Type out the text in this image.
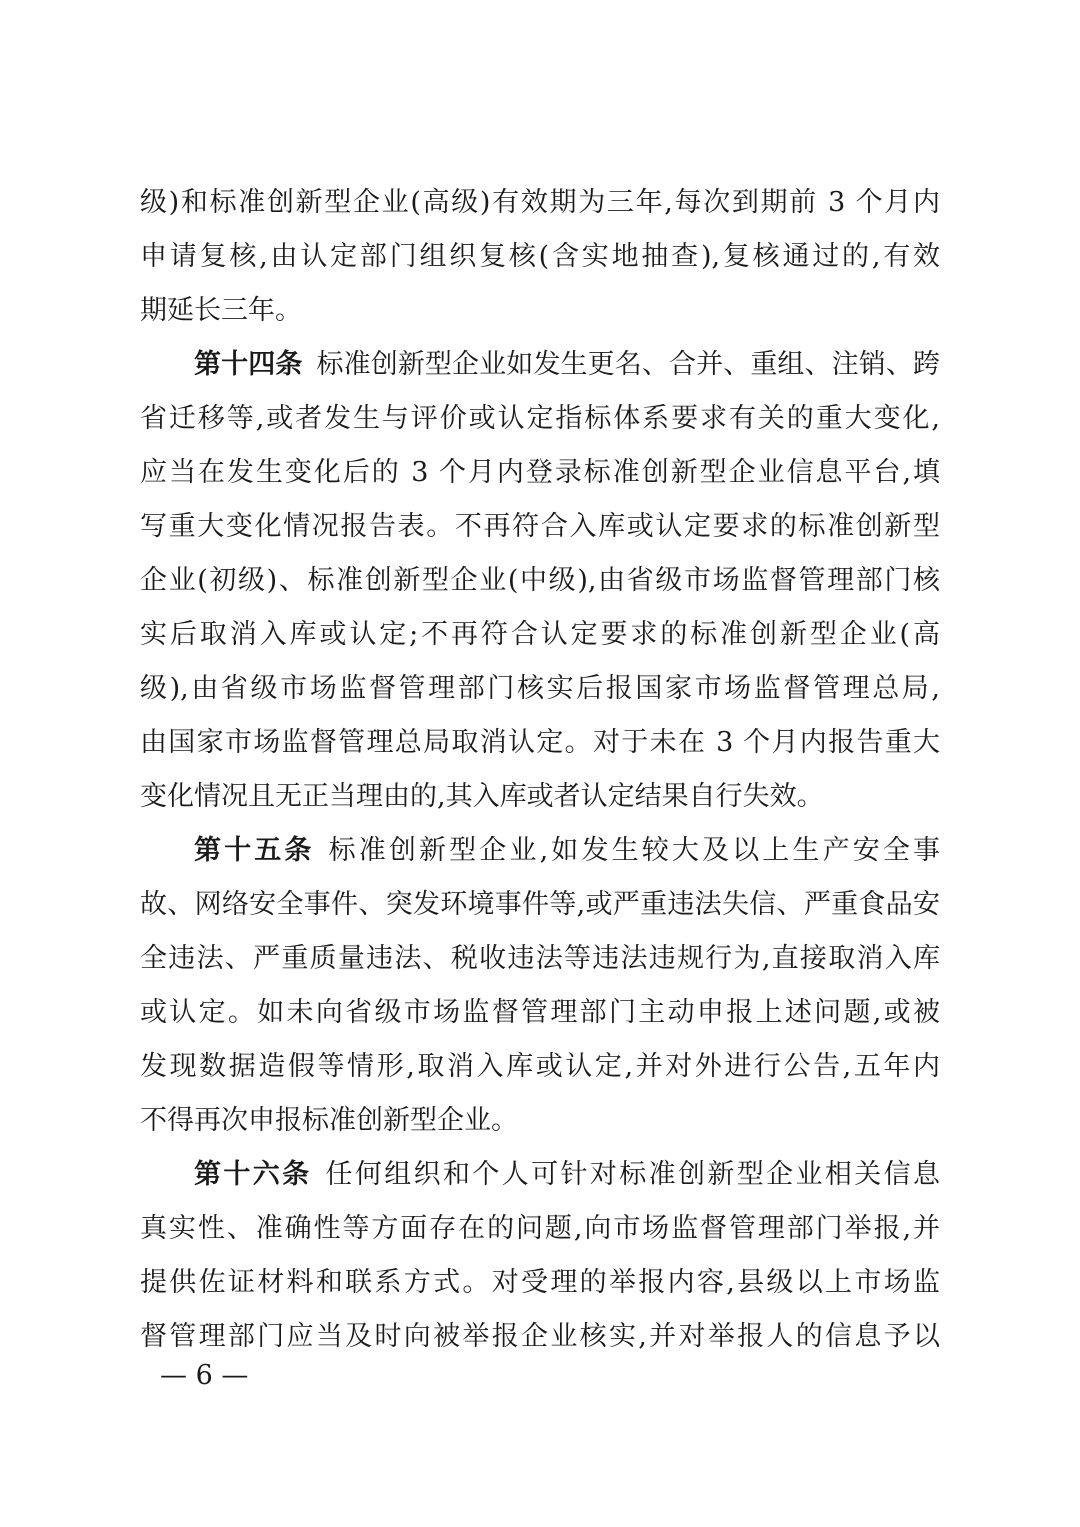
级)和标准创新型企业(高级)有效期为三年,每次到期前 3 个月内
申请复核,由认定部门组织复核(含实地抽查),复核通过的,有效
期延长三年。
第十四条 标准创新型企业如发生更名、合并、重组、注销、跨
省迁移等,或者发生与评价或认定指标体系要求有关的重大变化,
应当在发生变化后的 3 个月内登录标准创新型企业信息平台,填
写重大变化情况报告表。不再符合入库或认定要求的标准创新型
企业(初级)、标准创新型企业(中级),由省级市场监督管理部门核
实后取消入库或认定;不再符合认定要求的标准创新型企业(高
级),由省级市场监督管理部门核实后报国家市场监督管理总局,
由国家市场监督管理总局取消认定。对于未在 3 个月内报告重大
变化情况且无正当理由的,其入库或者认定结果自行失效。
第十五条 标准创新型企业,如发生较大及以上生产安全事
故、网络安全事件、突发环境事件等,或严重违法失信、严重食品安
全违法、严重质量违法、税收违法等违法违规行为,直接取消入库
或认定。如未向省级市场监督管理部门主动申报上述问题,或被
发现数据造假等情形,取消入库或认定,并对外进行公告,五年内
不得再次申报标准创新型企业。
第十六条 任何组织和个人可针对标准创新型企业相关信息
真实性、准确性等方面存在的问题,向市场监督管理部门举报,并
提供佐证材料和联系方式。对受理的举报内容,县级以上市场监
督管理部门应当及时向被举报企业核实,并对举报人的信息予以
— 6 —
